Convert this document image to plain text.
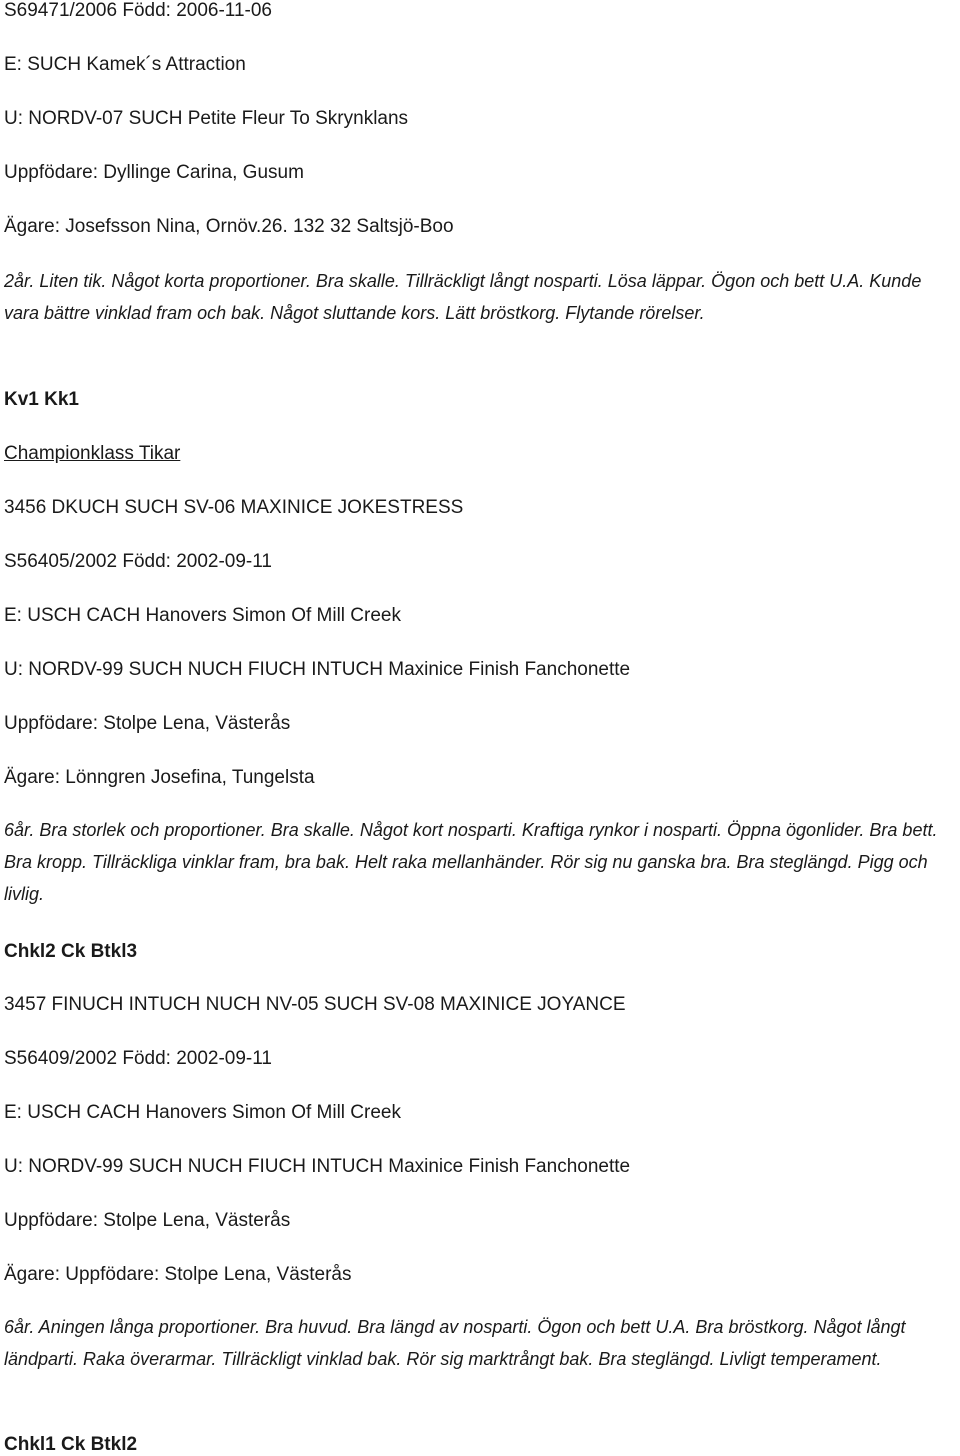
S69471/2006 Född: 2006-11-06
E: SUCH Kamek´s Attraction
U: NORDV-07 SUCH Petite Fleur To Skrynklans
Uppfödare: Dyllinge Carina, Gusum
Ägare: Josefsson Nina, Ornöv.26. 132 32 Saltsjö-Boo
2år. Liten tik. Något korta proportioner. Bra skalle. Tillräckligt långt nosparti. Lösa läppar. Ögon och bett U.A. Kunde vara bättre vinklad fram och bak. Något sluttande kors. Lätt bröstkorg. Flytande rörelser.
Kv1 Kk1
Championklass Tikar
3456 DKUCH SUCH SV-06 MAXINICE JOKESTRESS
S56405/2002 Född: 2002-09-11
E: USCH CACH Hanovers Simon Of Mill Creek
U: NORDV-99 SUCH NUCH FIUCH INTUCH Maxinice Finish Fanchonette
Uppfödare: Stolpe Lena, Västerås
Ägare: Lönngren Josefina, Tungelsta
6år. Bra storlek och proportioner. Bra skalle. Något kort nosparti. Kraftiga rynkor i nosparti. Öppna ögonlider. Bra bett. Bra kropp. Tillräckliga vinklar fram, bra bak. Helt raka mellanhänder. Rör sig nu ganska bra. Bra steglängd. Pigg och livlig.
Chkl2 Ck Btkl3
3457 FINUCH INTUCH NUCH NV-05 SUCH SV-08 MAXINICE JOYANCE
S56409/2002 Född: 2002-09-11
E: USCH CACH Hanovers Simon Of Mill Creek
U: NORDV-99 SUCH NUCH FIUCH INTUCH Maxinice Finish Fanchonette
Uppfödare: Stolpe Lena, Västerås
Ägare: Uppfödare: Stolpe Lena, Västerås
6år. Aningen långa proportioner. Bra huvud. Bra längd av nosparti. Ögon och bett U.A. Bra bröstkorg. Något långt ländparti. Raka överarmar. Tillräckligt vinklad bak. Rör sig marktrångt bak. Bra steglängd. Livligt temperament.
Chkl1 Ck Btkl2
